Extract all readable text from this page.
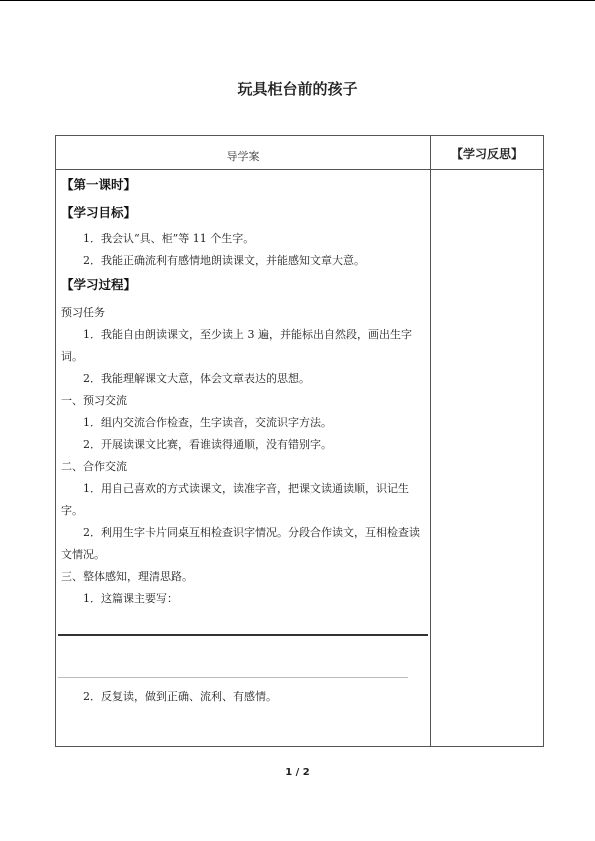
玩具柜台前的孩子
导学案	【学习反思】
【第一课时】
【学习目标】
1．我会认“具、柜”等 11 个生字。
2．我能正确流利有感情地朗读课文，并能感知文章大意。
【学习过程】
预习任务
1．我能自由朗读课文，至少读上 3 遍，并能标出自然段，画出生字词。
2．我能理解课文大意，体会文章表达的思想。
一、预习交流
1．组内交流合作检查，生字读音，交流识字方法。
2．开展读课文比赛，看谁读得通顺，没有错别字。
二、合作交流
1．用自己喜欢的方式读课文，读准字音，把课文读通读顺，识记生字。
2．利用生字卡片同桌互相检查识字情况。分段合作读文，互相检查读文情况。
三、整体感知，理清思路。
1．这篇课主要写：
2．反复读，做到正确、流利、有感情。
1 / 2
